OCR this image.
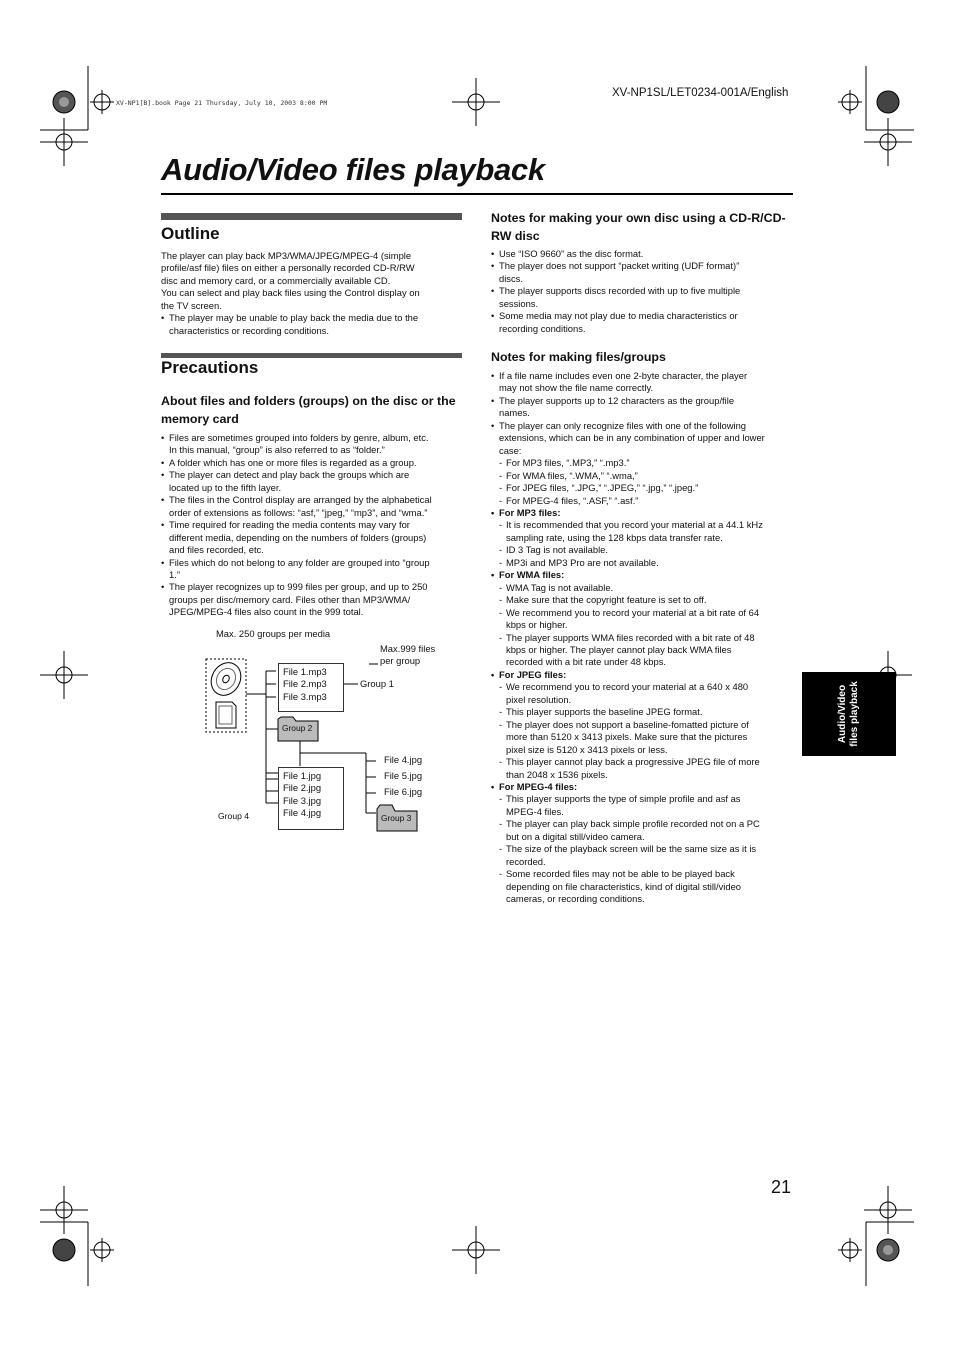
XV-NP1SL/LET0234-001A/English
XV-NP1[B].book Page 21 Thursday, July 10, 2003 8:00 PM
Audio/Video files playback
Outline

The player can play back MP3/WMA/JPEG/MPEG-4 (simple

profile/asf file) files on either a personally recorded CD-R/RW

disc and memory card, or a commercially available CD.

You can select and play back files using the Control display on

the TV screen.

• The player may be unable to play back the media due to the
characteristics or recording conditions.
Precautions
About files and folders (groups) on the disc or the
memory card
• Files are sometimes grouped into folders by genre, album, etc.
In this manual, “group” is also referred to as “folder.”
• A folder which has one or more files is regarded as a group.
• The player can detect and play back the groups which are
located up to the fifth layer.
• The files in the Control display are arranged by the alphabetical
order of extensions as follows: “asf,” “jpeg,” “mp3”, and “wma.”
• Time required for reading the media contents may vary for
different media, depending on the numbers of folders (groups)
and files recorded, etc.
• Files which do not belong to any folder are grouped into “group
1.”
• The player recognizes up to 999 files per group, and up to 250
groups per disc/memory card. Files other than MP3/WMA/
JPEG/MPEG-4 files also count in the 999 total.
Max. 250 groups per media
Max.999 files
per group
File 1.mp3
File 2.mp3
File 3.mp3
Group 1
Group 2
File 4.jpg
File 5.jpg
File 6.jpg
Group 3
File 1.jpg
File 2.jpg
File 3.jpg
File 4.jpg
Group 4
Notes for making your own disc using a CD-R/CD-
RW disc
• Use “ISO 9660” as the disc format.
• The player does not support “packet writing (UDF format)”
discs.
• The player supports discs recorded with up to five multiple
sessions.
• Some media may not play due to media characteristics or
recording conditions.
Notes for making files/groups
• If a file name includes even one 2-byte character, the player
may not show the file name correctly.
• The player supports up to 12 characters as the group/file
names.
• The player can only recognize files with one of the following
extensions, which can be in any combination of upper and lower
case:
- For MP3 files, “.MP3,” “.mp3.”
- For WMA files, “.WMA,” “.wma,”
- For JPEG files, “.JPG,” “.JPEG,” “.jpg,” “.jpeg.”
- For MPEG-4 files, “.ASF,” “.asf.”
• For MP3 files:
- It is recommended that you record your material at a 44.1 kHz
sampling rate, using the 128 kbps data transfer rate.
- ID 3 Tag is not available.
- MP3i and MP3 Pro are not available.
• For WMA files:
- WMA Tag is not available.
- Make sure that the copyright feature is set to off.
- We recommend you to record your material at a bit rate of 64
kbps or higher.
- The player supports WMA files recorded with a bit rate of 48
kbps or higher. The player cannot play back WMA files
recorded with a bit rate under 48 kbps.
• For JPEG files:
- We recommend you to record your material at a 640 x 480
pixel resolution.
- This player supports the baseline JPEG format.
- The player does not support a baseline-fomatted picture of
more than 5120 x 3413 pixels. Make sure that the pictures
pixel size is 5120 x 3413 pixels or less.
- This player cannot play back a progressive JPEG file of more
than 2048 x 1536 pixels.
• For MPEG-4 files:
- This player supports the type of simple profile and asf as
MPEG-4 files.
- The player can play back simple profile recorded not on a PC
but on a digital still/video camera.
- The size of the playback screen will be the same size as it is
recorded.
- Some recorded files may not be able to be played back
depending on file characteristics, kind of digital still/video
cameras, or recording conditions.
Audio/Video files playback
21
